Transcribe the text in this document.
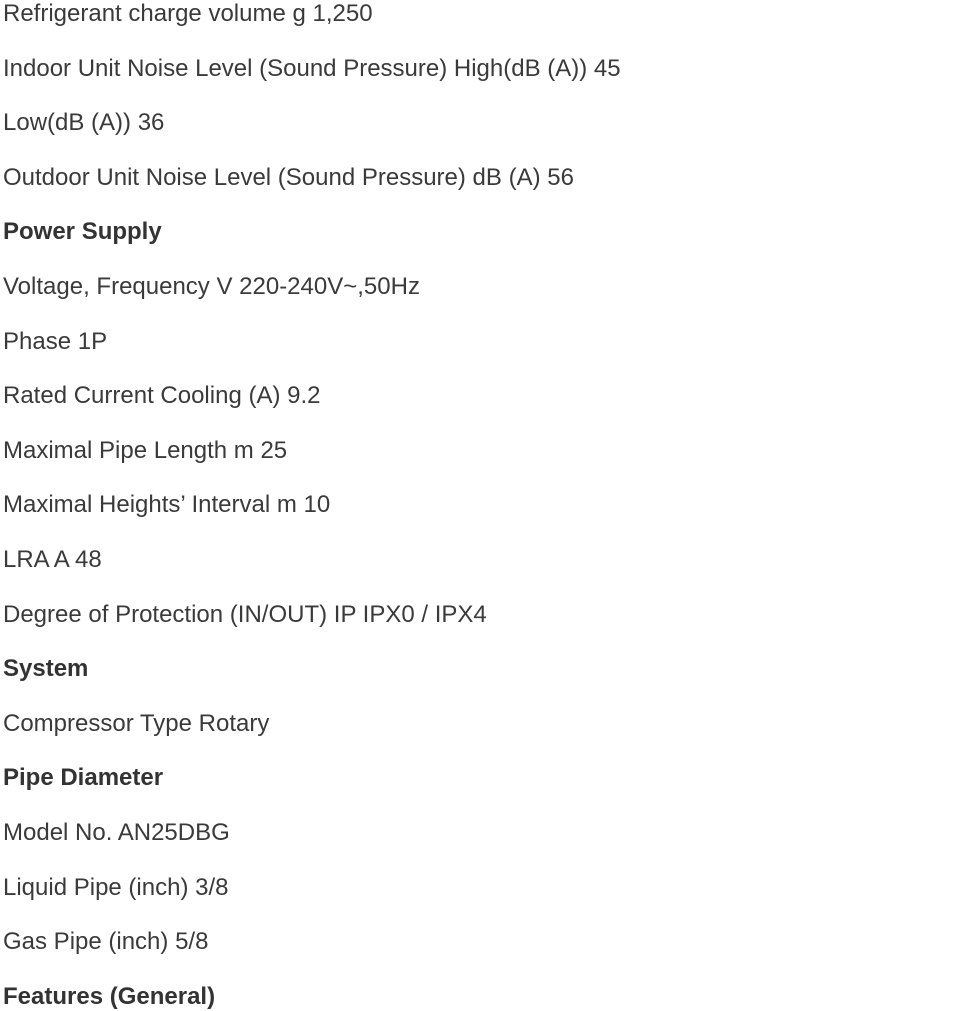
Refrigerant charge volume g 1,250

Indoor Unit Noise Level (Sound Pressure) High(dB (A)) 45

Low(dB (A)) 36

Outdoor Unit Noise Level (Sound Pressure) dB (A) 56

Power Supply

Voltage, Frequency V 220-240V~,50Hz

Phase 1P

Rated Current Cooling (A) 9.2

Maximal Pipe Length m 25

Maximal Heights’ Interval m 10

LRA A 48

Degree of Protection (IN/OUT) IP IPX0 / IPX4

System

Compressor Type Rotary

Pipe Diameter

Model No. AN25DBG

Liquid Pipe (inch) 3/8

Gas Pipe (inch) 5/8

Features (General)
